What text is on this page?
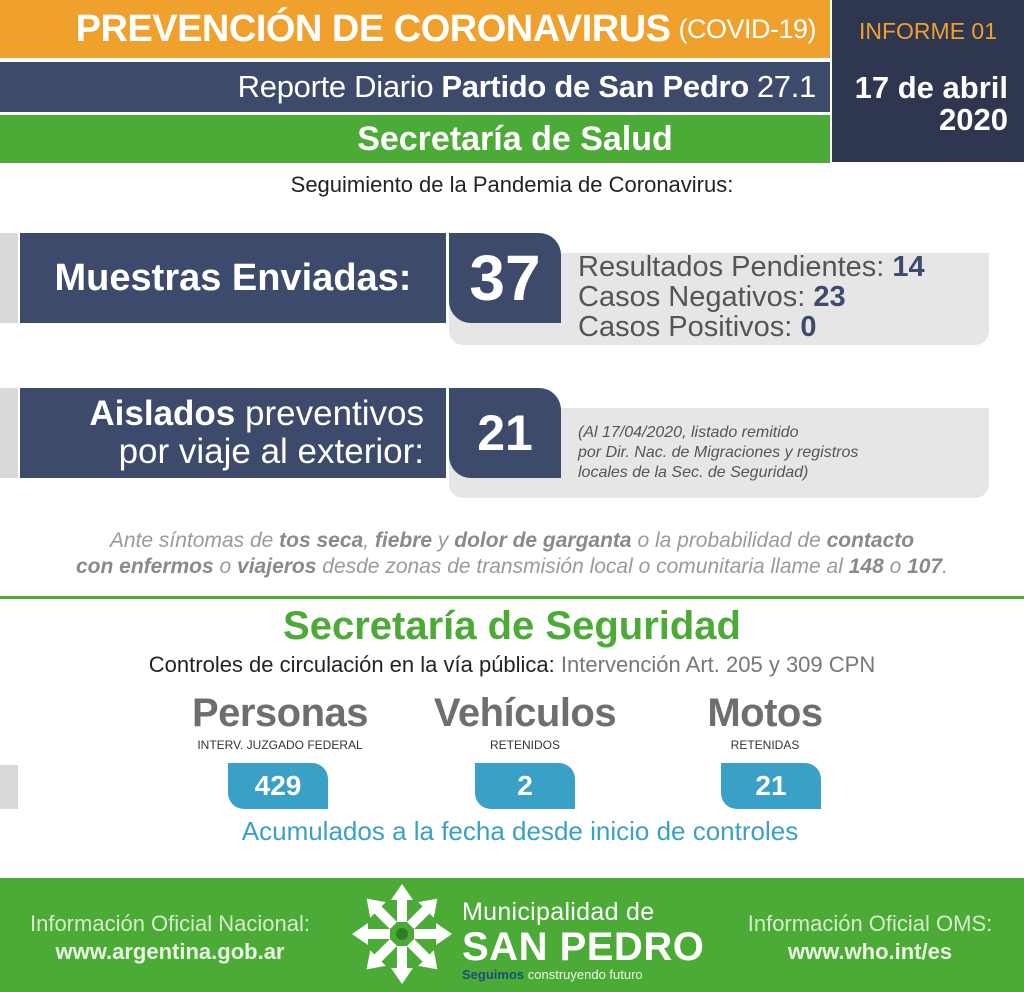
PREVENCIÓN DE CORONAVIRUS (COVID-19)
Reporte Diario Partido de San Pedro 27.1
Secretaría de Salud
INFORME 01
17 de abril
2020
Seguimiento de la Pandemia de Coronavirus:
Muestras Enviadas: 37	Resultados Pendientes: 14
Casos Negativos: 23
Casos Positivos: 0
Aislados preventivos
por viaje al exterior:	21	(Al 17/04/2020, listado remitido
por Dir. Nac. de Migraciones y registros
locales de la Sec. de Seguridad)
Ante síntomas de tos seca, fiebre y dolor de garganta o la probabilidad de contacto
con enfermos o viajeros desde zonas de transmisión local o comunitaria llame al 148 o 107.
Secretaría de Seguridad
Controles de circulación en la vía pública: Intervención Art. 205 y 309 CPN
Personas
INTERV. JUZGADO FEDERAL
Vehículos
RETENIDOS
Motos
RETENIDAS
429	2	21
Acumulados a la fecha desde inicio de controles
Información Oficial Nacional:
www.argentina.gob.ar
Información Oficial OMS:
www.who.int/es
Municipalidad de
SAN PEDRO
Seguimos construyendo futuro
